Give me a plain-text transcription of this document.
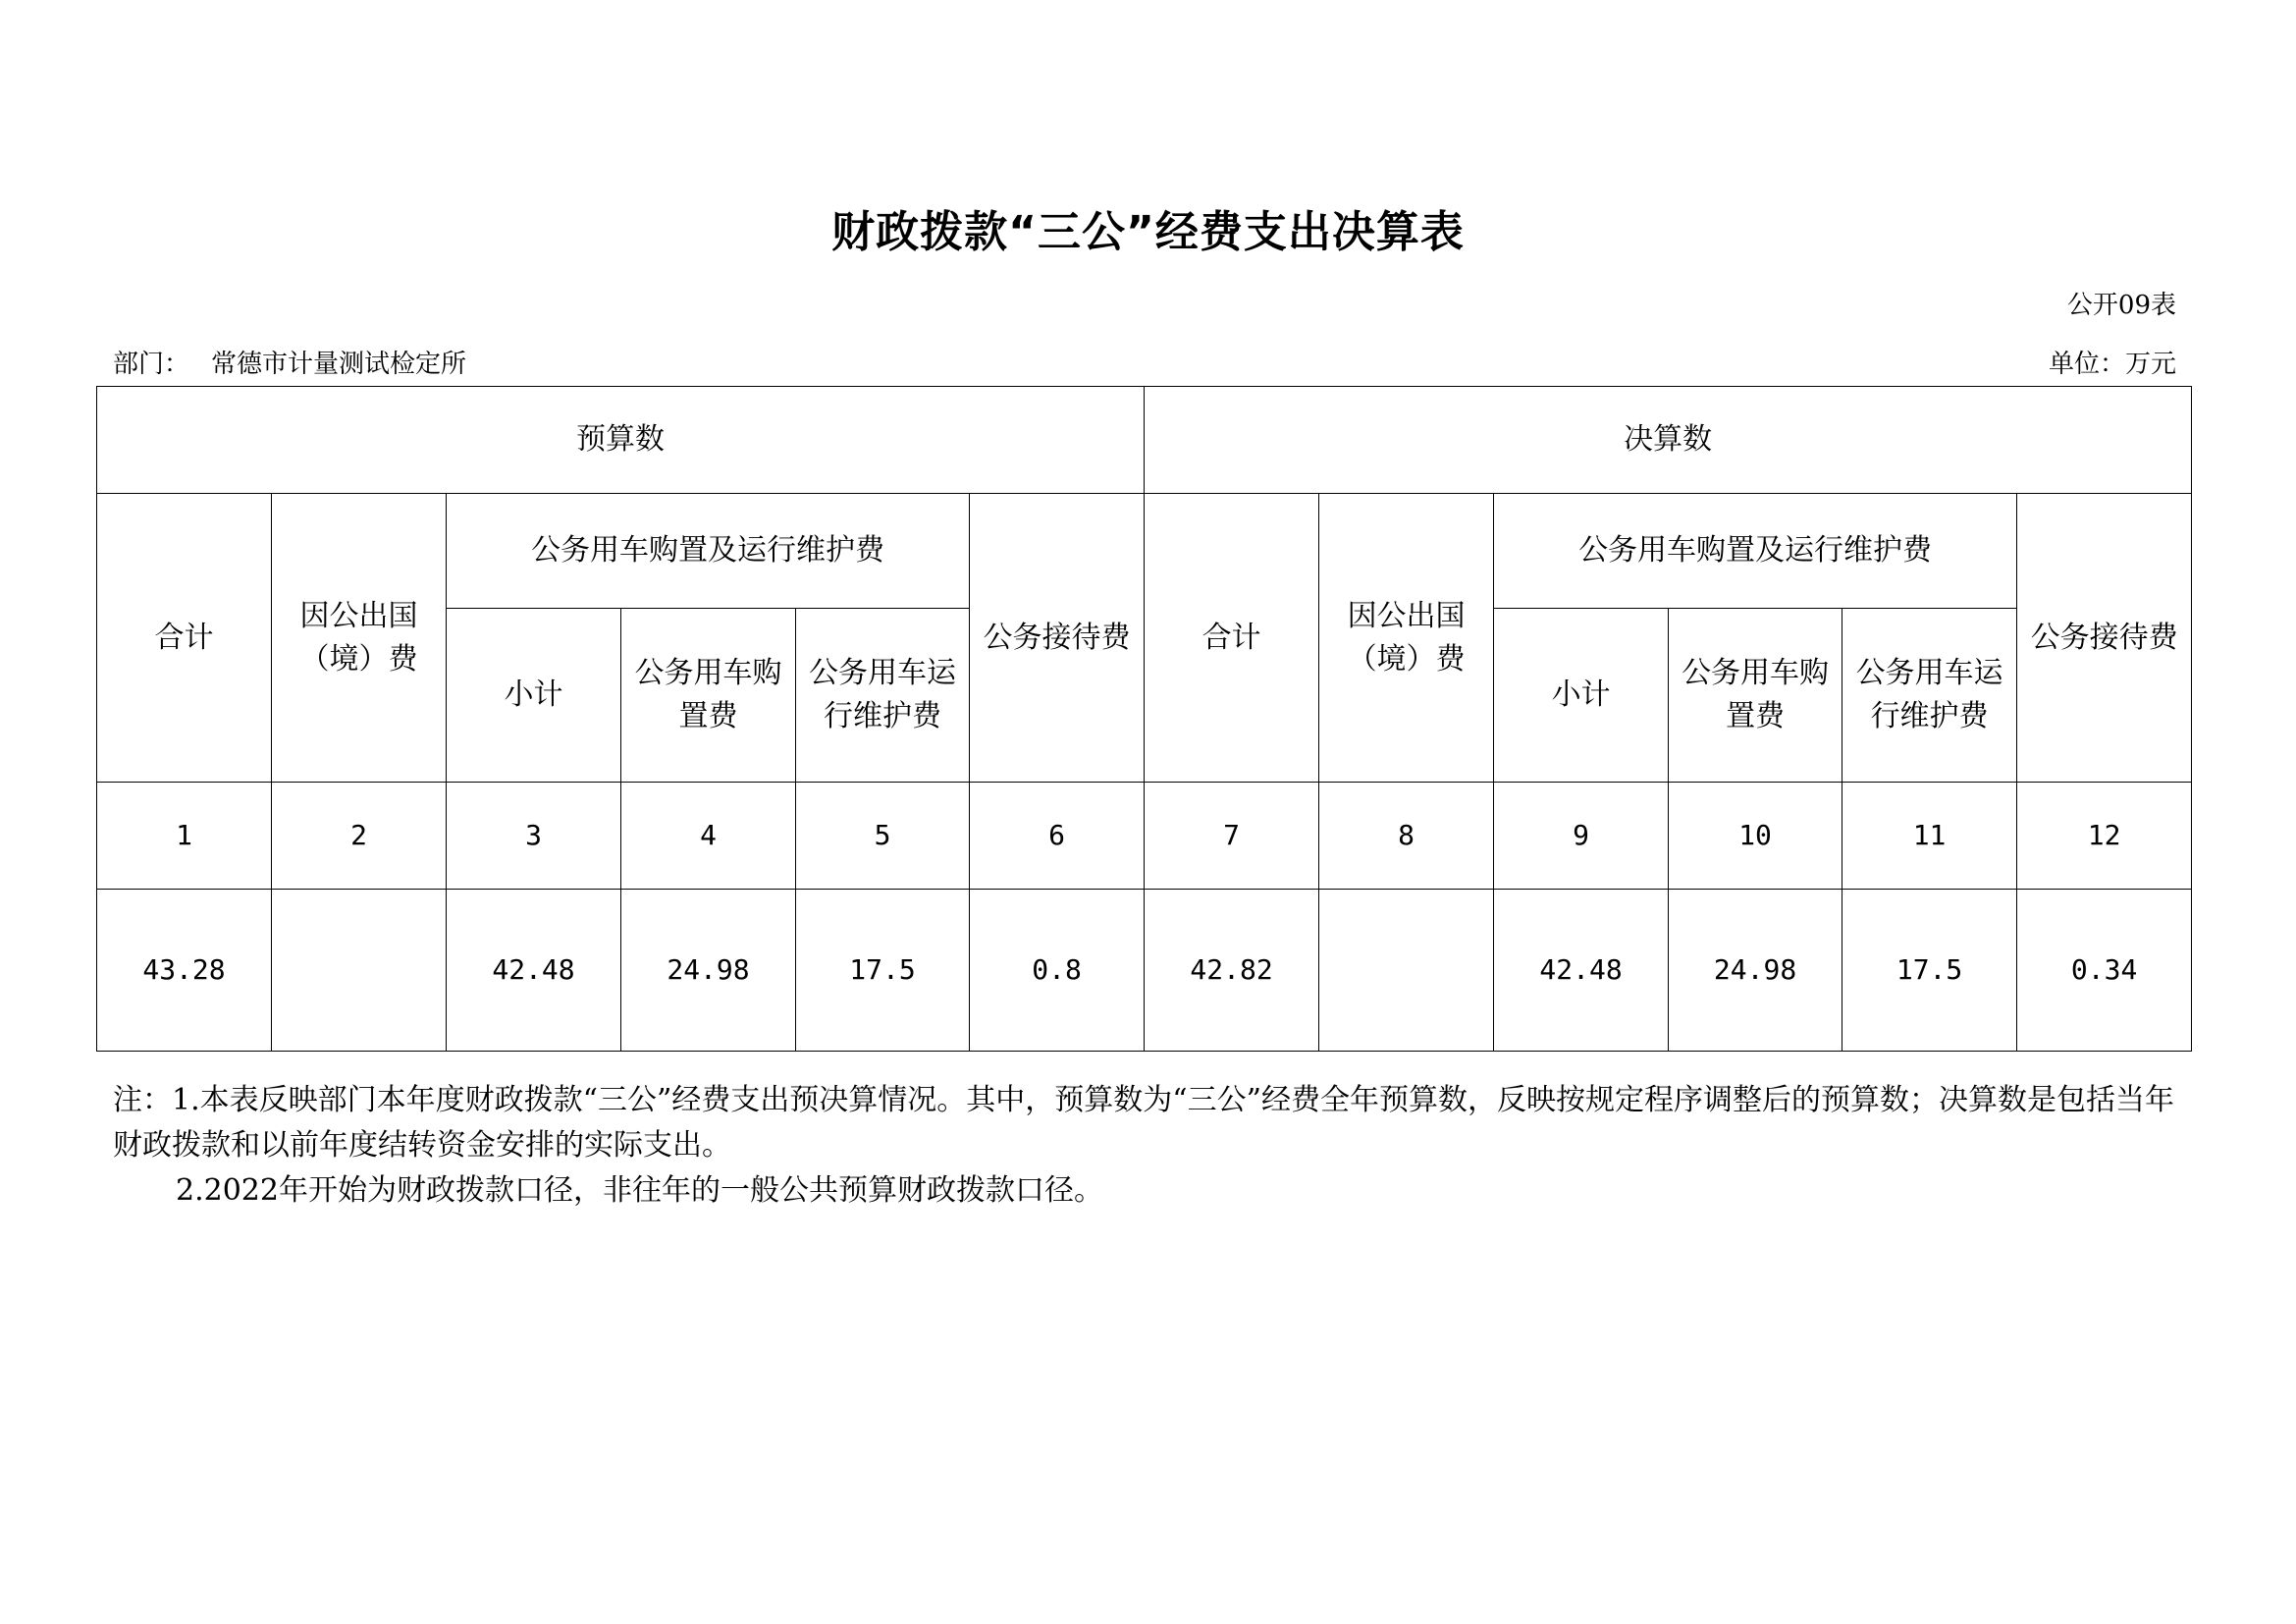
财政拨款“三公”经费支出决算表
公开09表
部门： 常德市计量测试检定所	单位：万元
预算数						决算数					
合计	因公出国（境）费	公务用车购置及运行维护费			公务接待费	合计	因公出国（境）费	公务用车购置及运行维护费			公务接待费
		小计	公务用车购置费	公务用车运行维护费				小计	公务用车购置费	公务用车运行维护费	
1	2	3	4	5	6	7	8	9	10	11	12
43.28		42.48	24.98	17.5	0.8	42.82		42.48	24.98	17.5	0.34

注：1.本表反映部门本年度财政拨款“三公”经费支出预决算情况。其中，预算数为“三公”经费全年预算数，反映按规定程序调整后的预算数；决算数是包括当年财政拨款和以前年度结转资金安排的实际支出。

2.2022年开始为财政拨款口径，非往年的一般公共预算财政拨款口径。
